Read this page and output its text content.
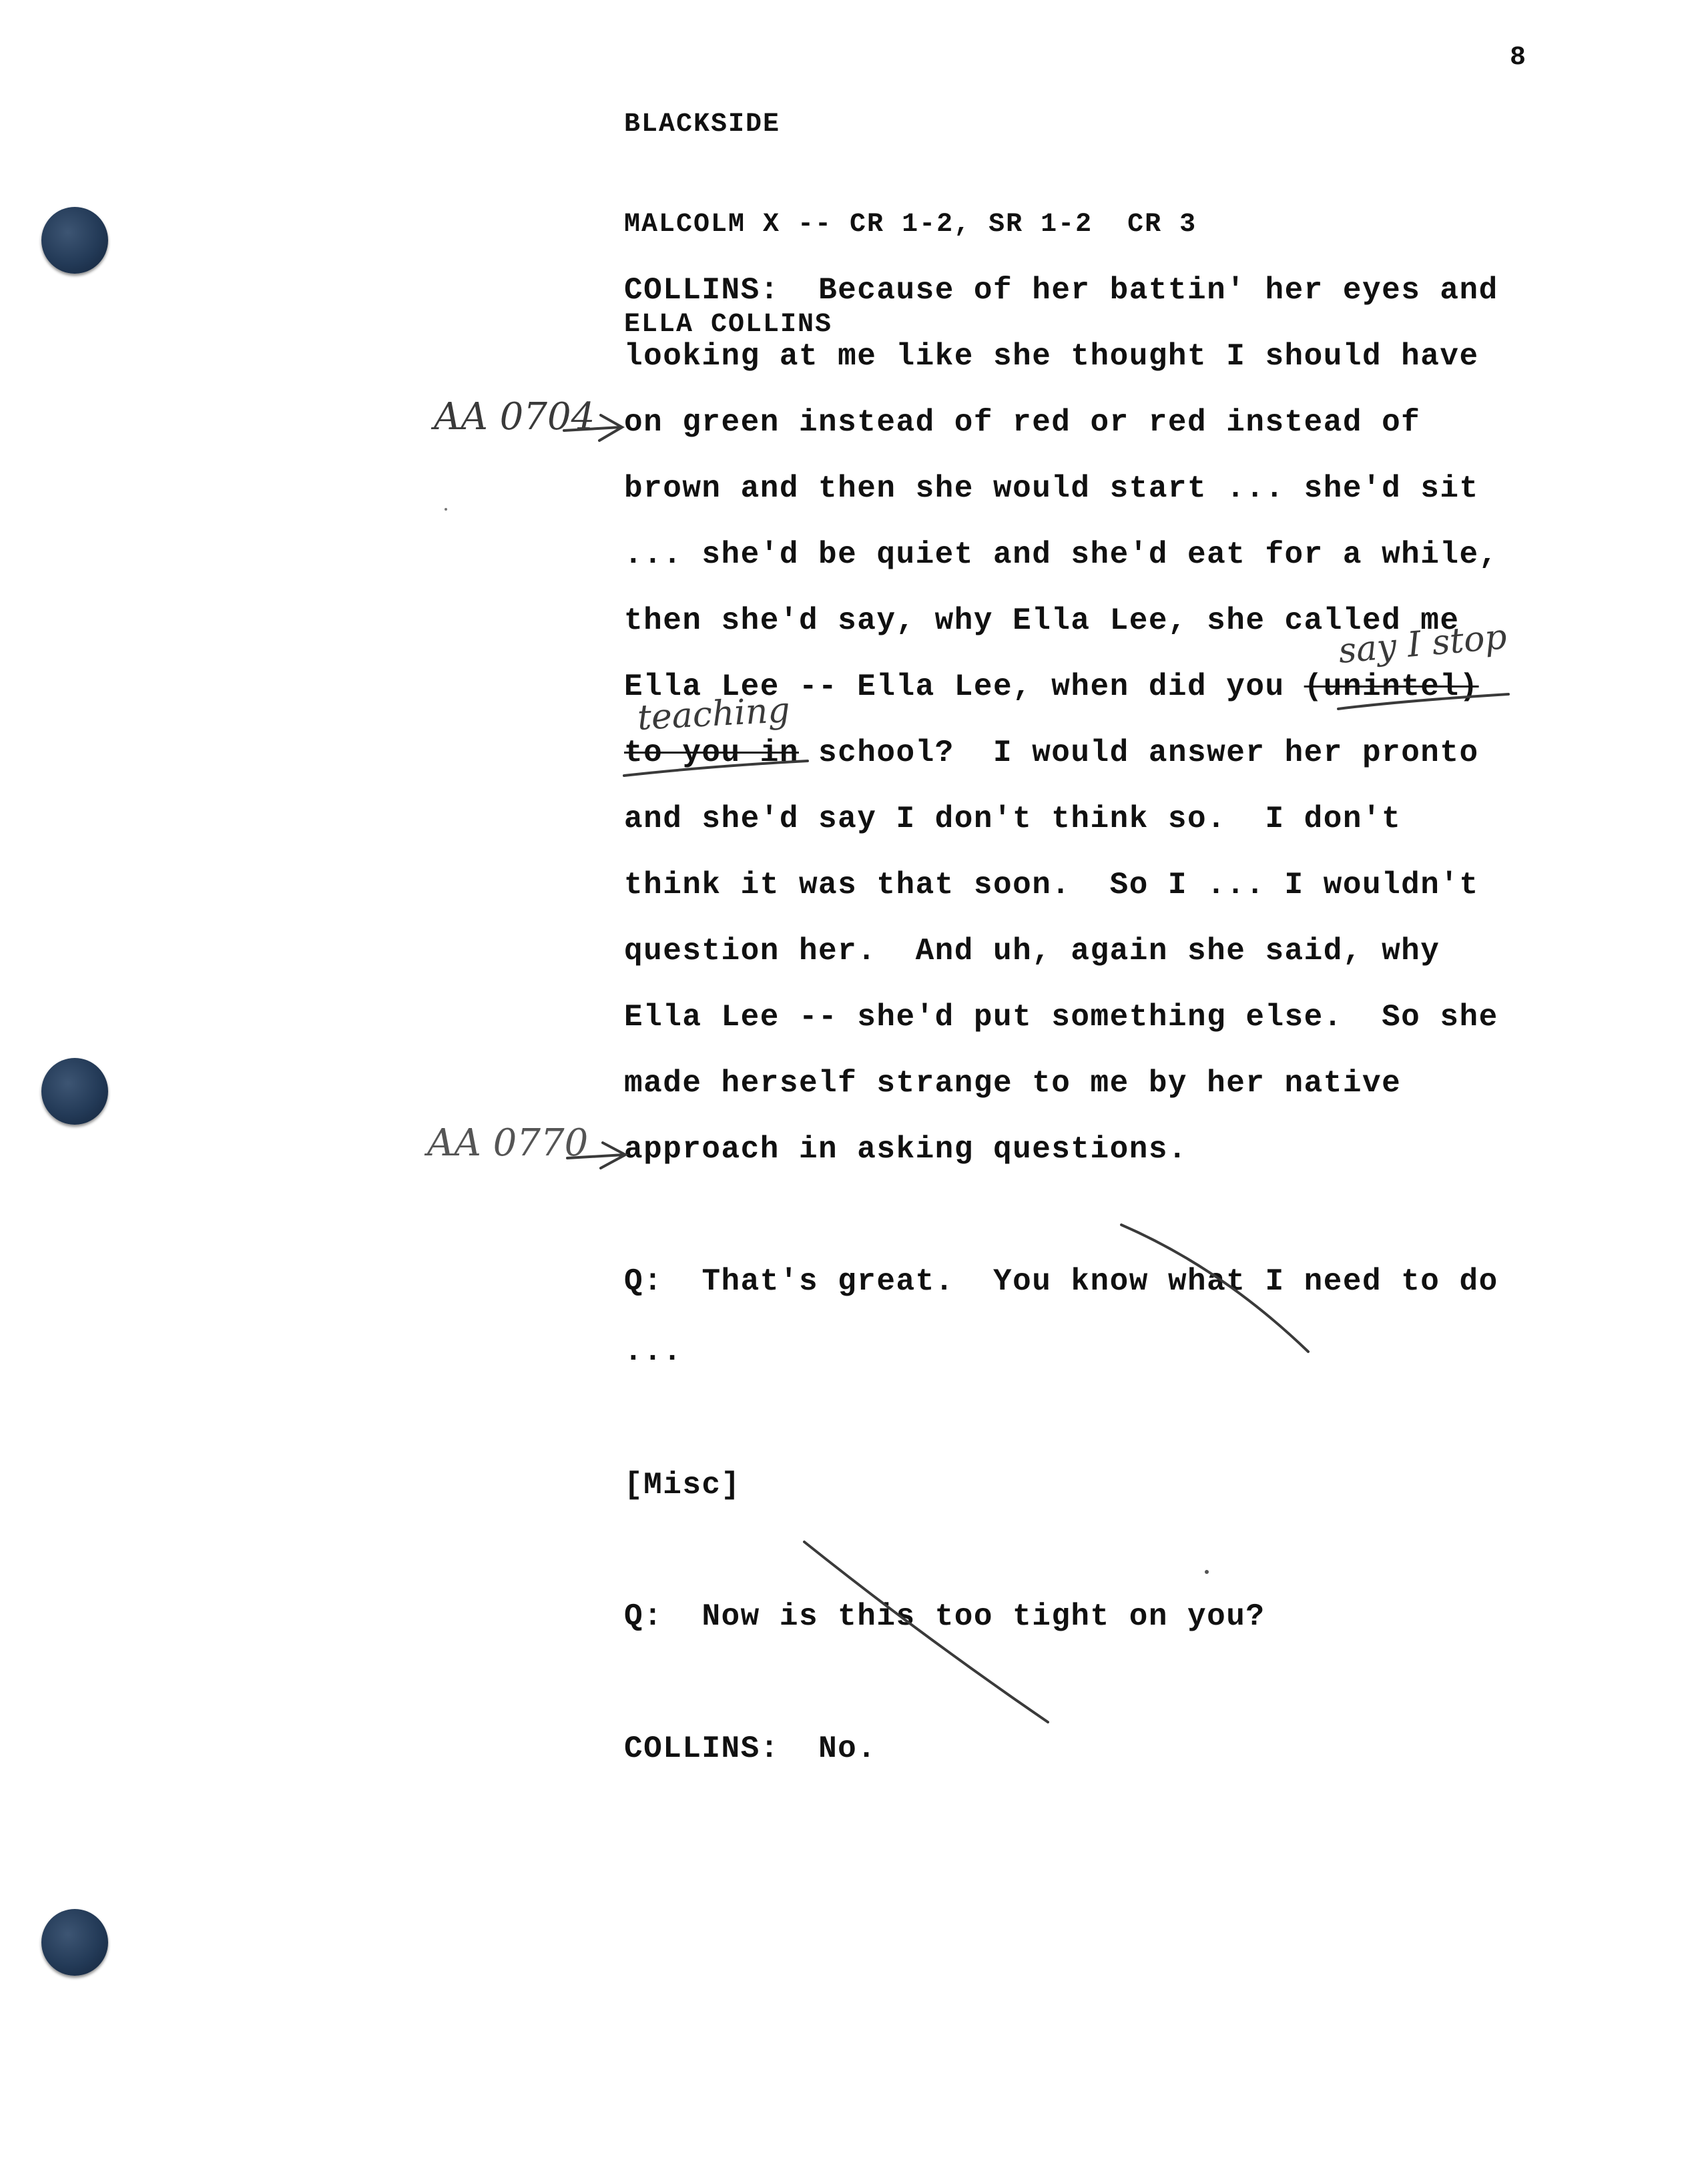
BLACKSIDE

MALCOLM X -- CR 1-2, SR 1-2  CR 3

ELLA COLLINS

8
COLLINS: Because of her battin' her eyes and
looking at me like she thought I should have
on green instead of red or red instead of
brown and then she would start ... she'd sit
... she'd be quiet and she'd eat for a while,
then she'd say, why Ella Lee, she called me
Ella Lee -- Ella Lee, when did you (unintel)
to you in school?  I would answer her pronto
and she'd say I don't think so.  I don't
think it was that soon.  So I ... I wouldn't
question her.  And uh, again she said, why
Ella Lee -- she'd put something else.  So she
made herself strange to me by her native
approach in asking questions.
Q: That's great.  You know what I need to do
...
[Misc]
Q: Now is this too tight on you?
COLLINS: No.
AA 0704
AA 0770
say I stop
teaching
